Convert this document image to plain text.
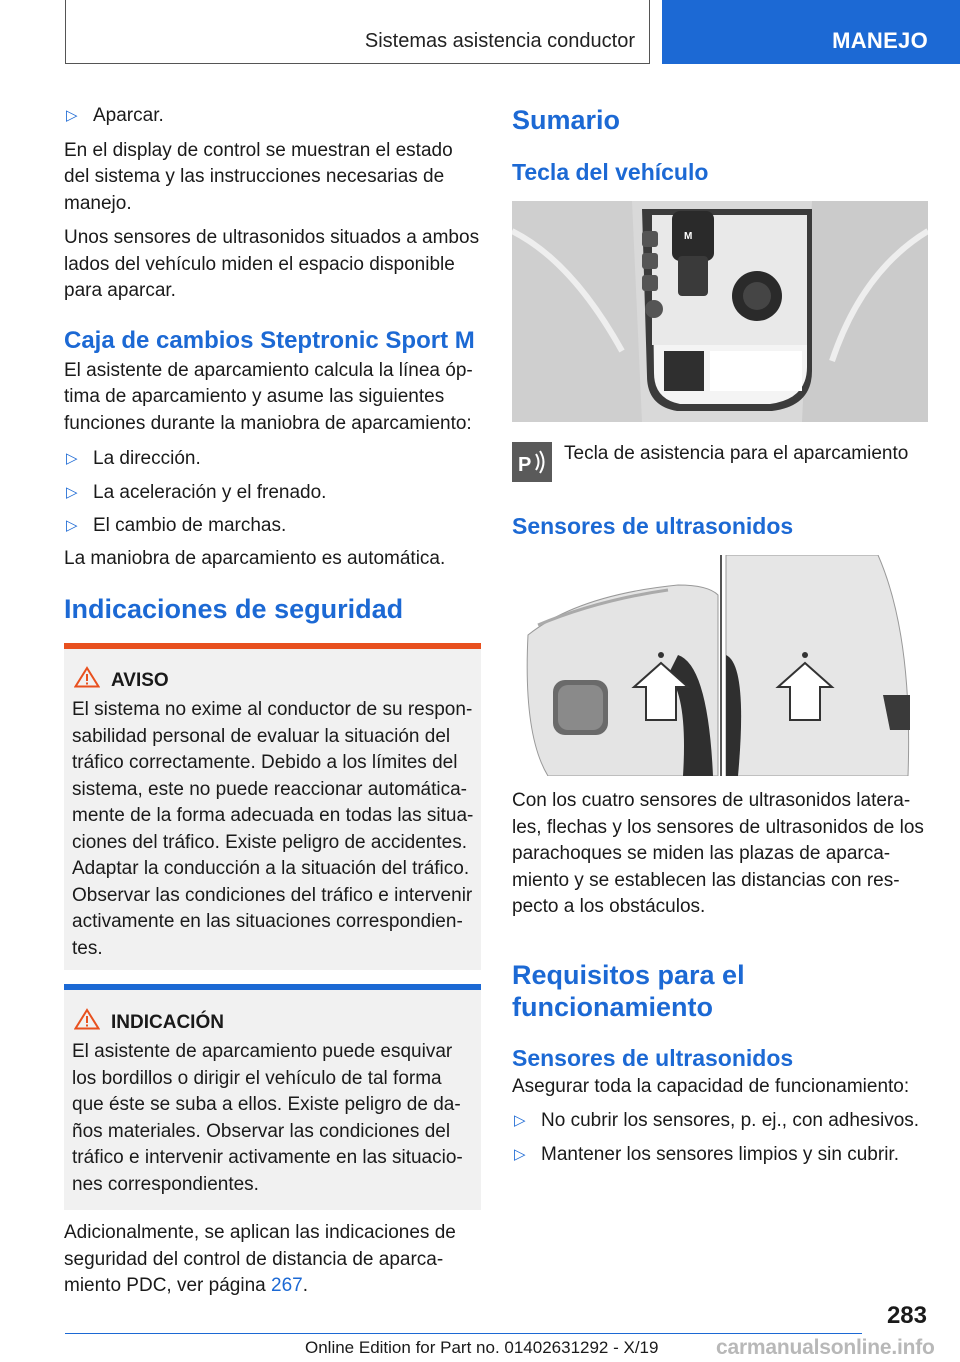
Sistemas asistencia conductor	MANEJO
▷ Aparcar.

En el display de control se muestran el estado del sistema y las instrucciones necesarias de manejo.

Unos sensores de ultrasonidos situados a ambos lados del vehículo miden el espacio disponible para aparcar.

Caja de cambios Steptronic Sport M

El asistente de aparcamiento calcula la línea óptima de aparcamiento y asume las siguientes funciones durante la maniobra de aparcamiento:

▷ La dirección.
▷ La aceleración y el frenado.
▷ El cambio de marchas.

La maniobra de aparcamiento es automática.

Indicaciones de seguridad
AVISO

El sistema no exime al conductor de su responsabilidad personal de evaluar la situación del tráfico correctamente. Debido a los límites del sistema, este no puede reaccionar automáticamente de la forma adecuada en todas las situaciones del tráfico. Existe peligro de accidentes. Adaptar la conducción a la situación del tráfico. Observar las condiciones del tráfico e intervenir activamente en las situaciones correspondientes.

INDICACIÓN

El asistente de aparcamiento puede esquivar los bordillos o dirigir el vehículo de tal forma que éste se suba a ellos. Existe peligro de daños materiales. Observar las condiciones del tráfico e intervenir activamente en las situaciones correspondientes.

Adicionalmente, se aplican las indicaciones de seguridad del control de distancia de aparcamiento PDC, ver página 267.

Sumario
Tecla del vehículo
M
P

Tecla de asistencia para el aparcamiento

Sensores de ultrasonidos

Con los cuatro sensores de ultrasonidos laterales, flechas y los sensores de ultrasonidos de los parachoques se miden las plazas de aparcamiento y se establecen las distancias con respecto a los obstáculos.

Requisitos para el funcionamiento
Sensores de ultrasonidos

Asegurar toda la capacidad de funcionamiento:

▷ No cubrir los sensores, p. ej., con adhesivos.
▷ Mantener los sensores limpios y sin cubrir.
283
Online Edition for Part no. 01402631292 - X/19	carmanualsonline.info
